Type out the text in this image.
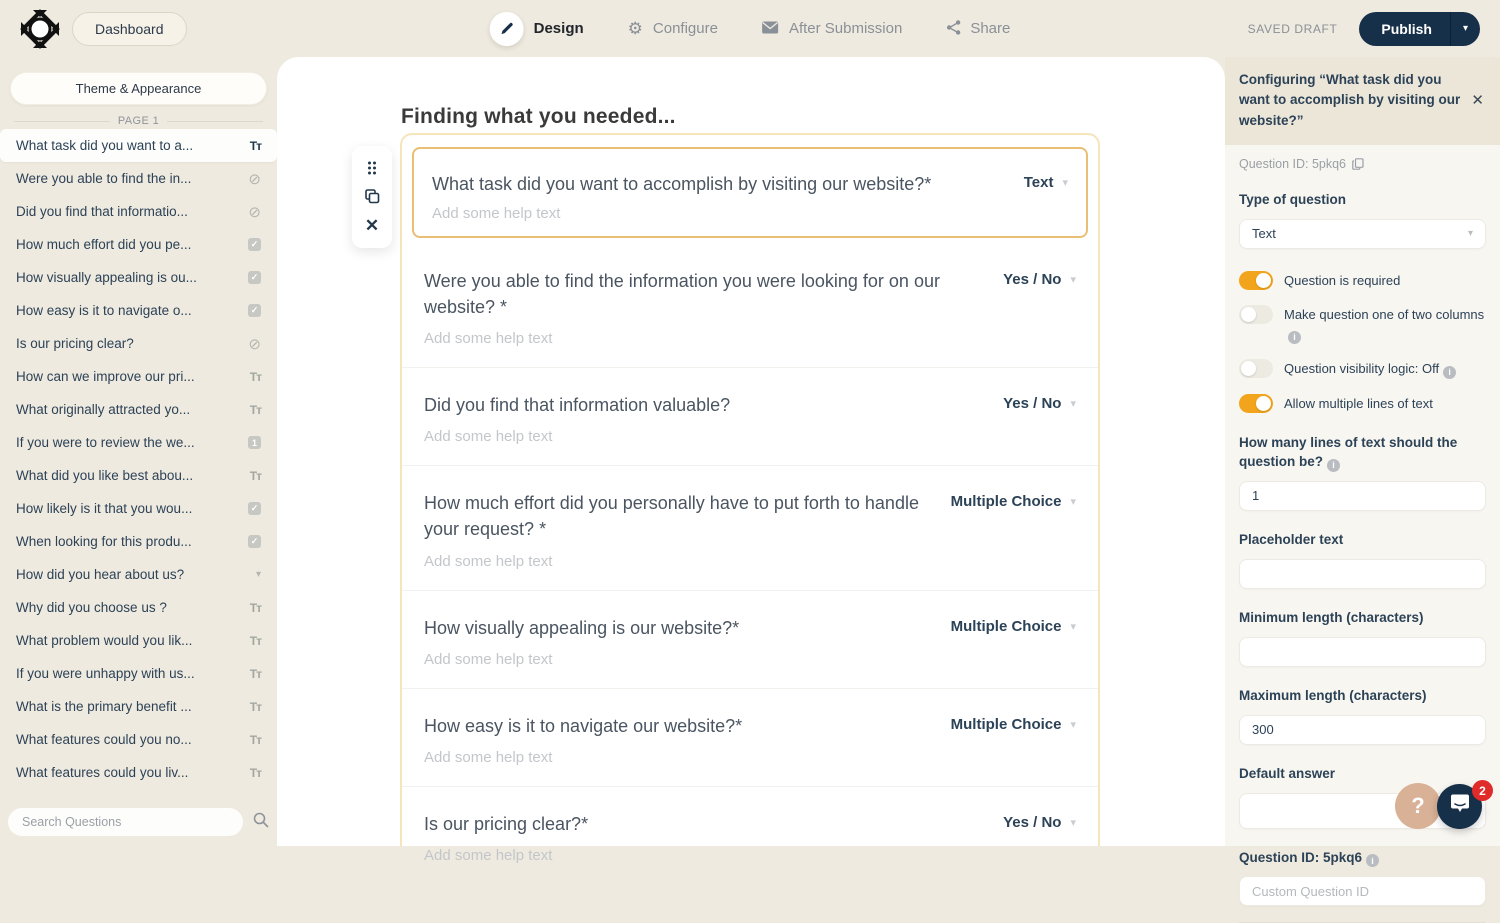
Dashboard	Design	⚙ Configure	After Submission	Share	SAVED DRAFT	Publish	▾
Theme & Appearance
PAGE 1
What task did you want to a...	Tᴛ
Were you able to find the in...	⊘
Did you find that informatio...	⊘
How much effort did you pe...	✓
How visually appealing is ou...	✓
How easy is it to navigate o...	✓
Is our pricing clear?	⊘
How can we improve our pri...	Tᴛ
What originally attracted yo...	Tᴛ
If you were to review the we...	1
What did you like best abou...	Tᴛ
How likely is it that you wou...	✓
When looking for this produ...	✓
How did you hear about us?	▾
Why did you choose us ?	Tᴛ
What problem would you lik...	Tᴛ
If you were unhappy with us...	Tᴛ
What is the primary benefit ...	Tᴛ
What features could you no...	Tᴛ
What features could you liv...	Tᴛ
Search Questions
Finding what you needed...
What task did you want to accomplish by visiting our website?*	Text ▾
Add some help text
Were you able to find the information you were looking for on our website? *
Yes / No ▾
Add some help text
Did you find that information valuable?	Yes / No ▾
Add some help text
How much effort did you personally have to put forth to handle your request? *
Multiple Choice ▾
Add some help text
How visually appealing is our website?*	Multiple Choice ▾
Add some help text
How easy is it to navigate our website?*	Multiple Choice ▾
Add some help text
Is our pricing clear?*	Yes / No ▾
Add some help text
✕
Configuring “What task did you want to accomplish by visiting our website?”
✕
Question ID: 5pkq6
Type of question
Text	▾
Question is required
Make question one of two columnsi
Question visibility logic: Off i
Allow multiple lines of text
How many lines of text should the question be? i
1
Placeholder text
Minimum length (characters)
Maximum length (characters)
300
Default answer
Question ID: 5pkq6 i
Custom Question ID
?
2
